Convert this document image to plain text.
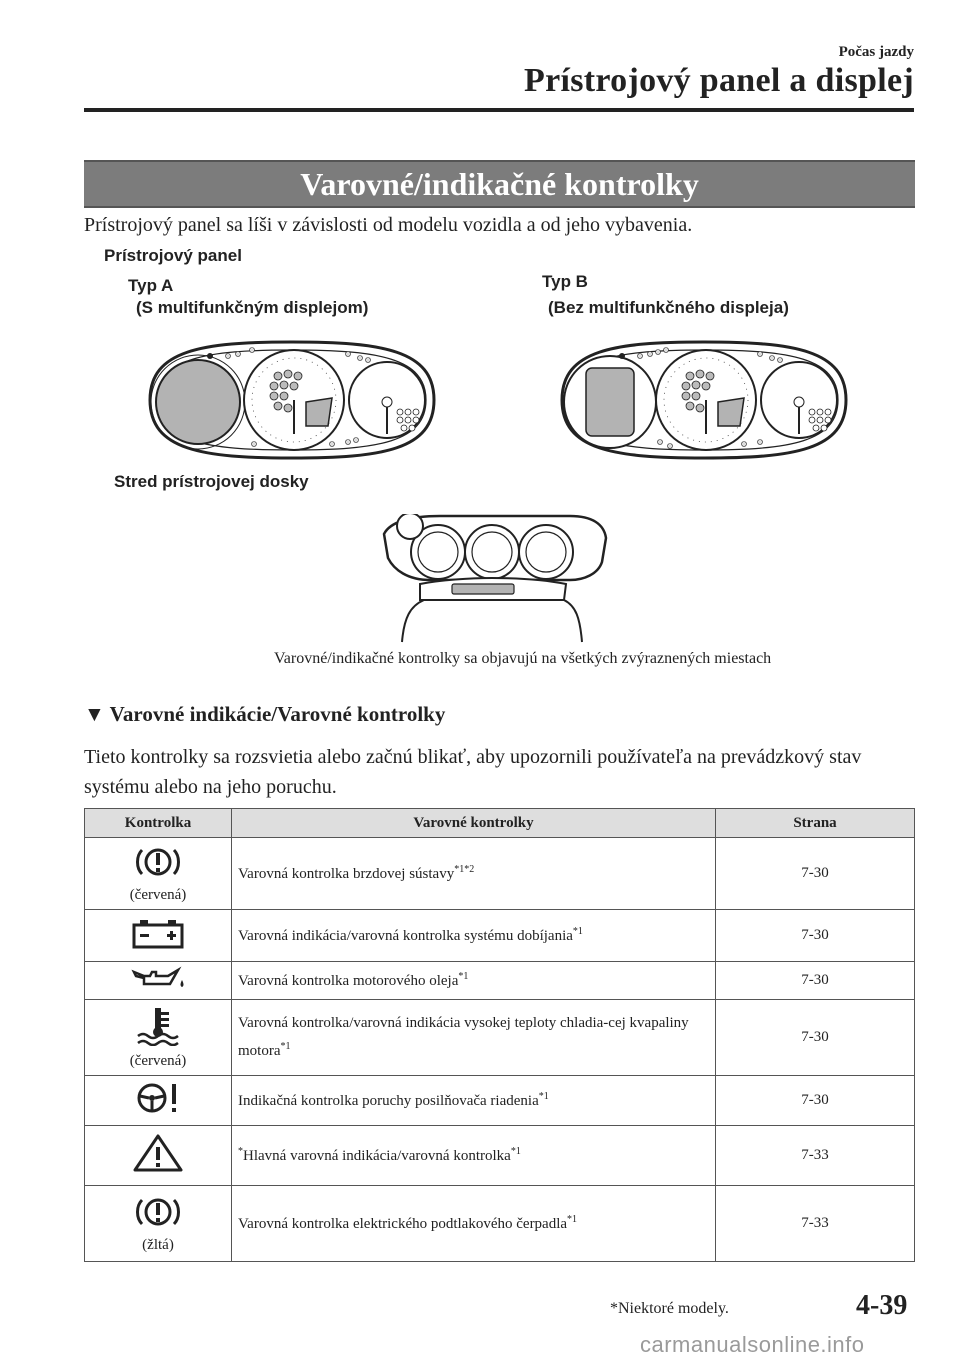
Počas jazdy
Prístrojový panel a displej
Varovné/indikačné kontrolky
Prístrojový panel sa líši v závislosti od modelu vozidla a od jeho vybavenia.
Prístrojový panel
Typ A
(S multifunkčným displejom)
Typ B
(Bez multifunkčného displeja)
Stred prístrojovej dosky
Varovné/indikačné kontrolky sa objavujú na všetkých zvýraznených miestach
▼ Varovné indikácie/Varovné kontrolky
Tieto kontrolky sa rozsvietia alebo začnú blikať, aby upozornili používateľa na prevádzkový stav systému alebo na jeho poruchu.
Kontrolka	Varovné kontrolky	Strana

(červená)	Varovná kontrolka brzdovej sústavy$^{*1*2}$	7-30
	Varovná indikácia/varovná kontrolka systému dobíjania$^{*1}$	7-30
	Varovná kontrolka motorového oleja$^{*1}$	7-30

(červená)	Varovná kontrolka/varovná indikácia vysokej teploty chladia-cej kvapaliny motora$^{*1}$	7-30
	Indikačná kontrolka poruchy posilňovača riadenia$^{*1}$	7-30
	*Hlavná varovná indikácia/varovná kontrolka$^{*1}$	7-33

(žltá)	Varovná kontrolka elektrického podtlakového čerpadla$^{*1}$	7-33
*Niektoré modely.	4-39
carmanualsonline.info
